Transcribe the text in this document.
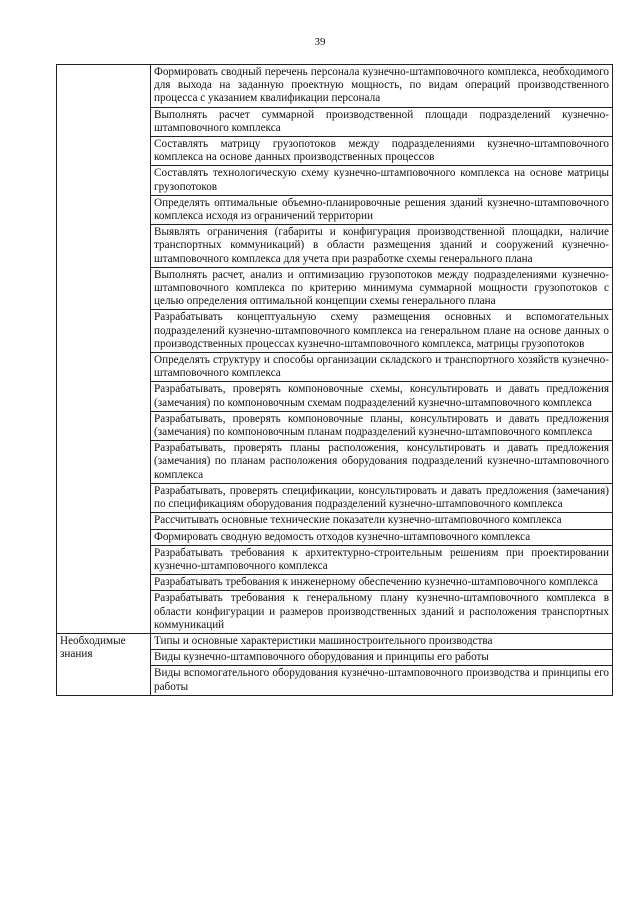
39
	Формировать сводный перечень персонала кузнечно-штамповочного комплекса, необходимого для выхода на заданную проектную мощность, по видам операций производственного процесса с указанием квалификации персонала
	Выполнять расчет суммарной производственной площади подразделений кузнечно-штамповочного комплекса
	Составлять матрицу грузопотоков между подразделениями кузнечно-штамповочного комплекса на основе данных производственных процессов
	Составлять технологическую схему кузнечно-штамповочного комплекса на основе матрицы грузопотоков
	Определять оптимальные объемно-планировочные решения зданий кузнечно-штамповочного комплекса исходя из ограничений территории
	Выявлять ограничения (габариты и конфигурация производственной площадки, наличие транспортных коммуникаций) в области размещения зданий и сооружений кузнечно-штамповочного комплекса для учета при разработке схемы генерального плана
	Выполнять расчет, анализ и оптимизацию грузопотоков между подразделениями кузнечно-штамповочного комплекса по критерию минимума суммарной мощности грузопотоков с целью определения оптимальной концепции схемы генерального плана
	Разрабатывать концептуальную схему размещения основных и вспомогательных подразделений кузнечно-штамповочного комплекса на генеральном плане на основе данных о производственных процессах кузнечно-штамповочного комплекса, матрицы грузопотоков
	Определять структуру и способы организации складского и транспортного хозяйств кузнечно-штамповочного комплекса
	Разрабатывать, проверять компоновочные схемы, консультировать и давать предложения (замечания) по компоновочным схемам подразделений кузнечно-штамповочного комплекса
	Разрабатывать, проверять компоновочные планы, консультировать и давать предложения (замечания) по компоновочным планам подразделений кузнечно-штамповочного комплекса
	Разрабатывать, проверять планы расположения, консультировать и давать предложения (замечания) по планам расположения оборудования подразделений кузнечно-штамповочного комплекса
	Разрабатывать, проверять спецификации, консультировать и давать предложения (замечания) по спецификациям оборудования подразделений кузнечно-штамповочного комплекса
	Рассчитывать основные технические показатели кузнечно-штамповочного комплекса
	Формировать сводную ведомость отходов кузнечно-штамповочного комплекса
	Разрабатывать требования к архитектурно-строительным решениям при проектировании кузнечно-штамповочного комплекса
	Разрабатывать требования к инженерному обеспечению кузнечно-штамповочного комплекса
	Разрабатывать требования к генеральному плану кузнечно-штамповочного комплекса в области конфигурации и размеров производственных зданий и расположения транспортных коммуникаций
Необходимые знания	Типы и основные характеристики машиностроительного производства
	Виды кузнечно-штамповочного оборудования и принципы его работы
	Виды вспомогательного оборудования кузнечно-штамповочного производства и принципы его работы
